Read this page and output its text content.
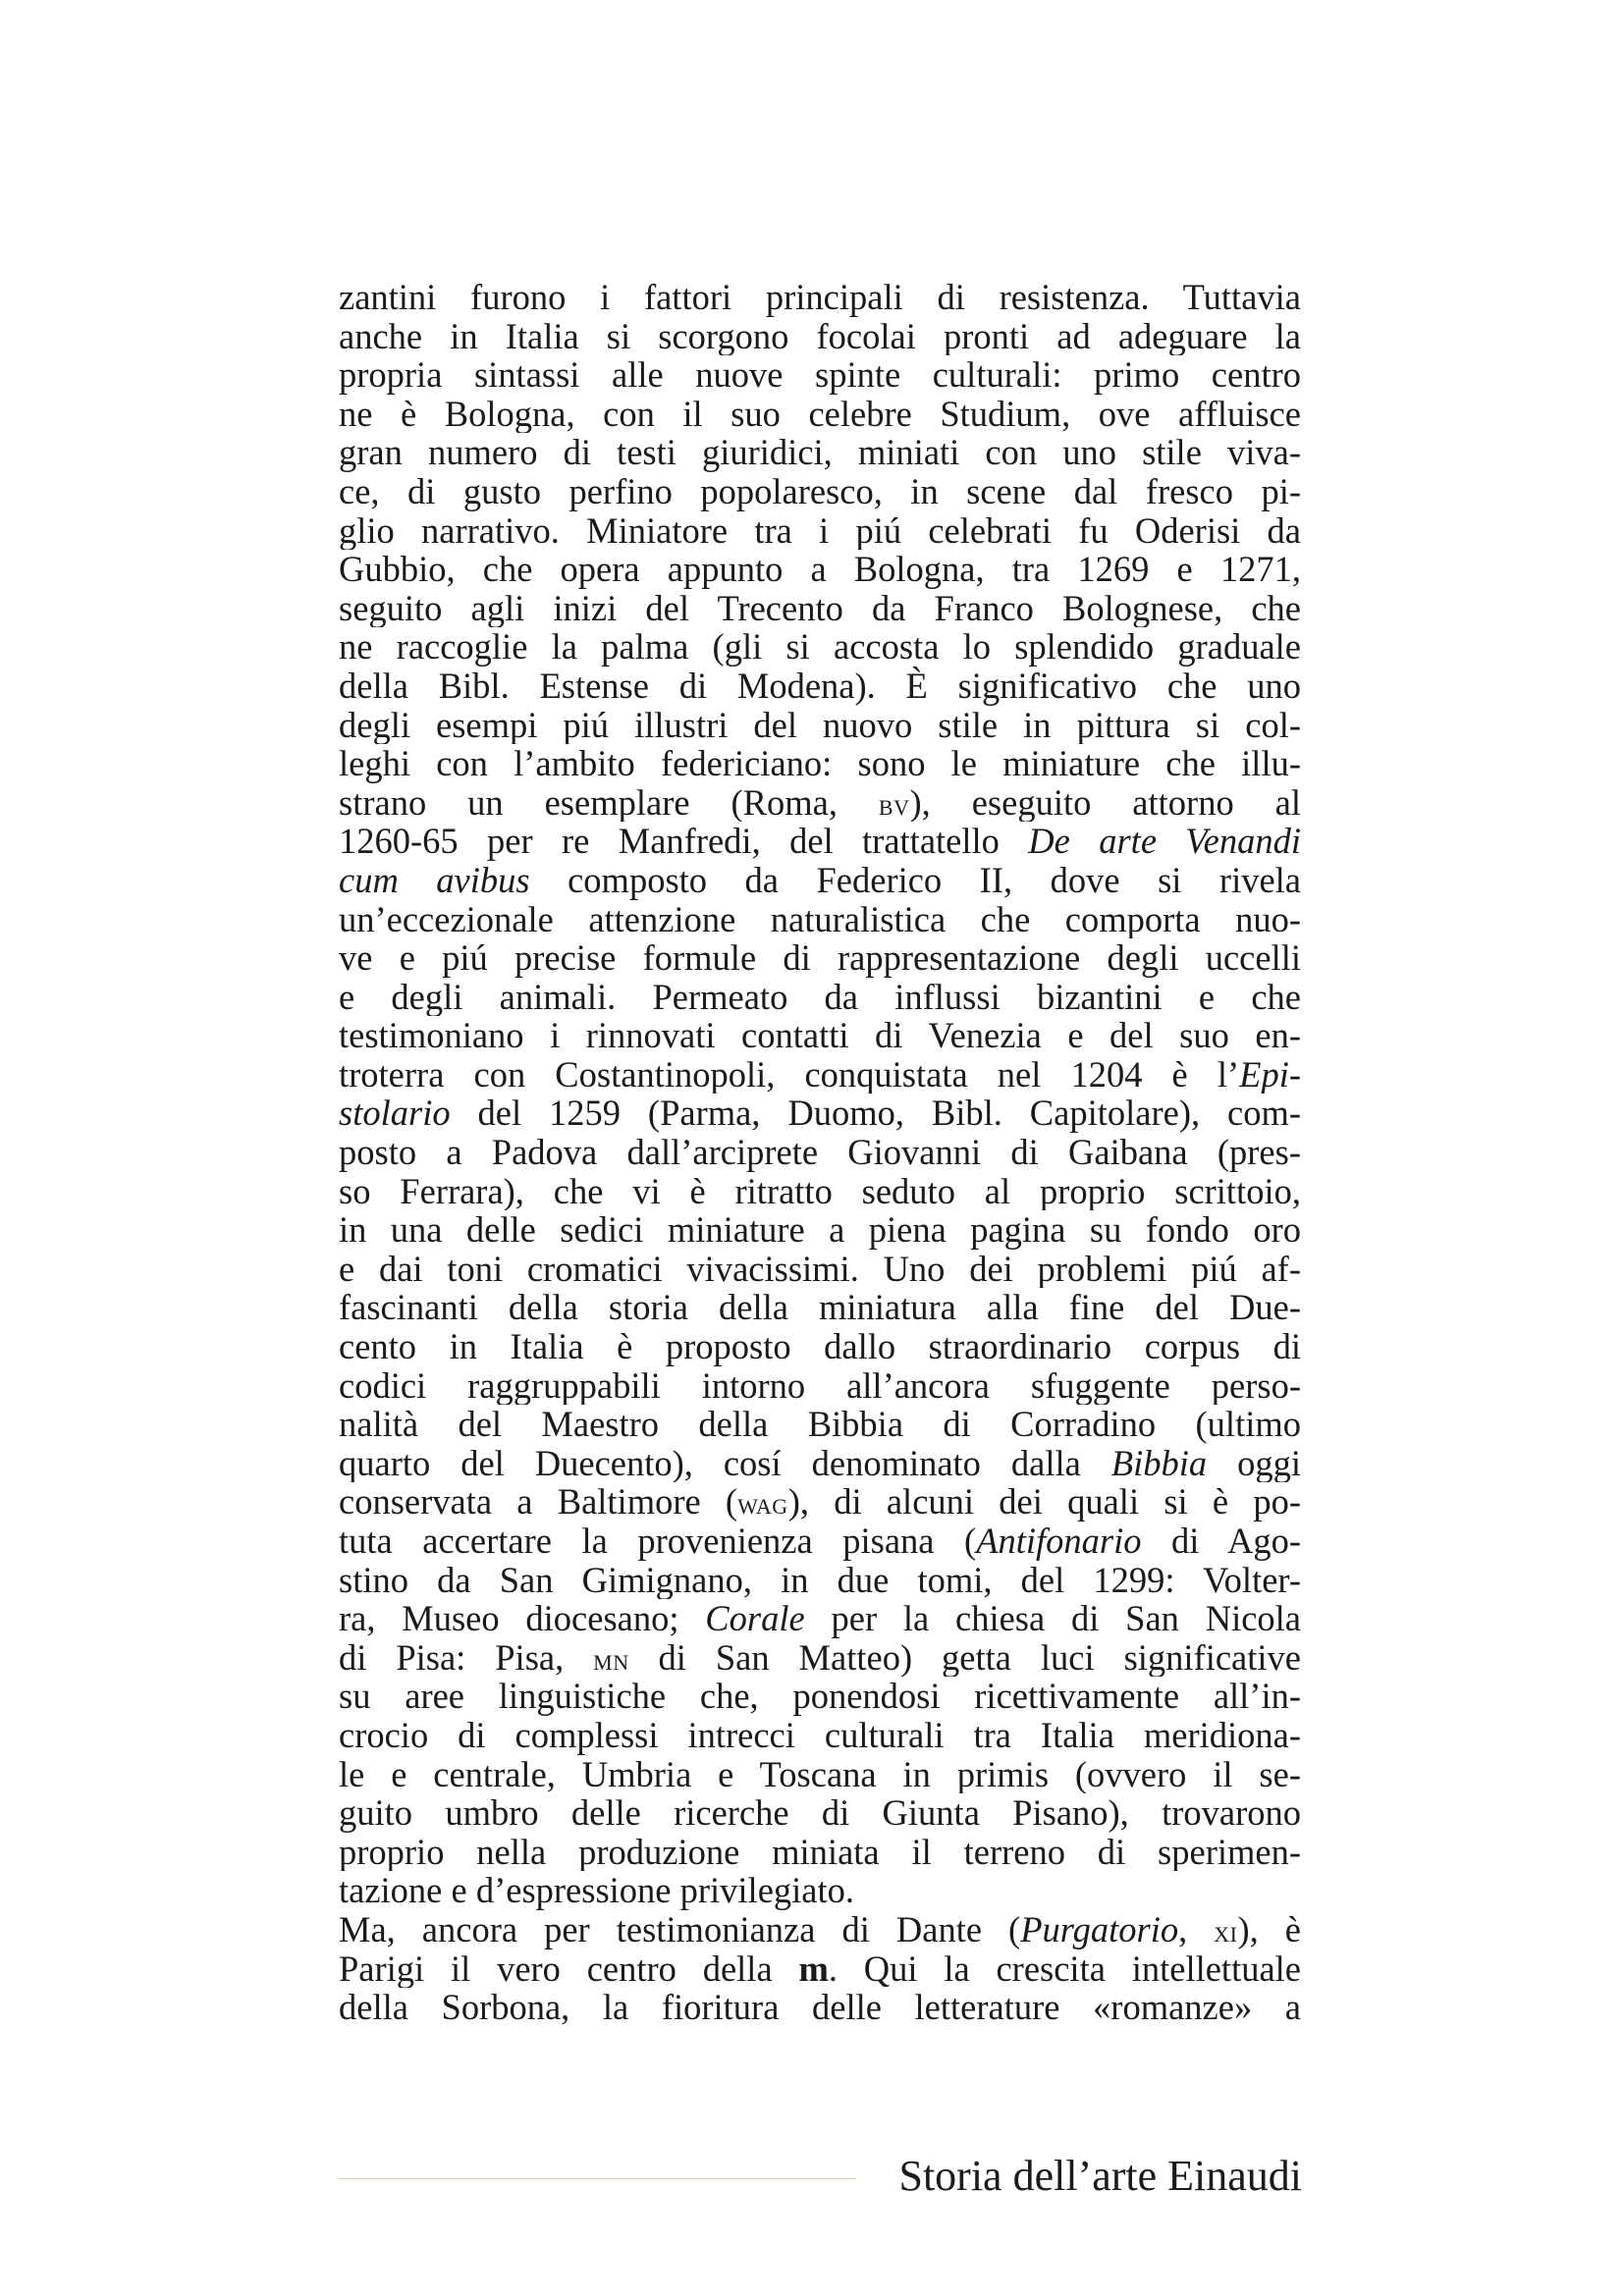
zantini furono i fattori principali di resistenza. Tuttavia
anche in Italia si scorgono focolai pronti ad adeguare la
propria sintassi alle nuove spinte culturali: primo centro
ne è Bologna, con il suo celebre Studium, ove affluisce
gran numero di testi giuridici, miniati con uno stile viva-
ce, di gusto perfino popolaresco, in scene dal fresco pi-
glio narrativo. Miniatore tra i piú celebrati fu Oderisi da
Gubbio, che opera appunto a Bologna, tra 1269 e 1271,
seguito agli inizi del Trecento da Franco Bolognese, che
ne raccoglie la palma (gli si accosta lo splendido graduale
della Bibl. Estense di Modena). È significativo che uno
degli esempi piú illustri del nuovo stile in pittura si col-
leghi con l’ambito federiciano: sono le miniature che illu-
strano un esemplare (Roma, bv), eseguito attorno al
1260-65 per re Manfredi, del trattatello De arte Venandi
cum avibus composto da Federico II, dove si rivela
un’eccezionale attenzione naturalistica che comporta nuo-
ve e piú precise formule di rappresentazione degli uccelli
e degli animali. Permeato da influssi bizantini e che
testimoniano i rinnovati contatti di Venezia e del suo en-
troterra con Costantinopoli, conquistata nel 1204 è l’Epi-
stolario del 1259 (Parma, Duomo, Bibl. Capitolare), com-
posto a Padova dall’arciprete Giovanni di Gaibana (pres-
so Ferrara), che vi è ritratto seduto al proprio scrittoio,
in una delle sedici miniature a piena pagina su fondo oro
e dai toni cromatici vivacissimi. Uno dei problemi piú af-
fascinanti della storia della miniatura alla fine del Due-
cento in Italia è proposto dallo straordinario corpus di
codici raggruppabili intorno all’ancora sfuggente perso-
nalità del Maestro della Bibbia di Corradino (ultimo
quarto del Duecento), cosí denominato dalla Bibbia oggi
conservata a Baltimore (wag), di alcuni dei quali si è po-
tuta accertare la provenienza pisana (Antifonario di Ago-
stino da San Gimignano, in due tomi, del 1299: Volter-
ra, Museo diocesano; Corale per la chiesa di San Nicola
di Pisa: Pisa, mn di San Matteo) getta luci significative
su aree linguistiche che, ponendosi ricettivamente all’in-
crocio di complessi intrecci culturali tra Italia meridiona-
le e centrale, Umbria e Toscana in primis (ovvero il se-
guito umbro delle ricerche di Giunta Pisano), trovarono
proprio nella produzione miniata il terreno di sperimen-
tazione e d’espressione privilegiato.
Ma, ancora per testimonianza di Dante (Purgatorio, xi), è
Parigi il vero centro della m. Qui la crescita intellettuale
della Sorbona, la fioritura delle letterature «romanze» a
Storia dell’arte Einaudi
